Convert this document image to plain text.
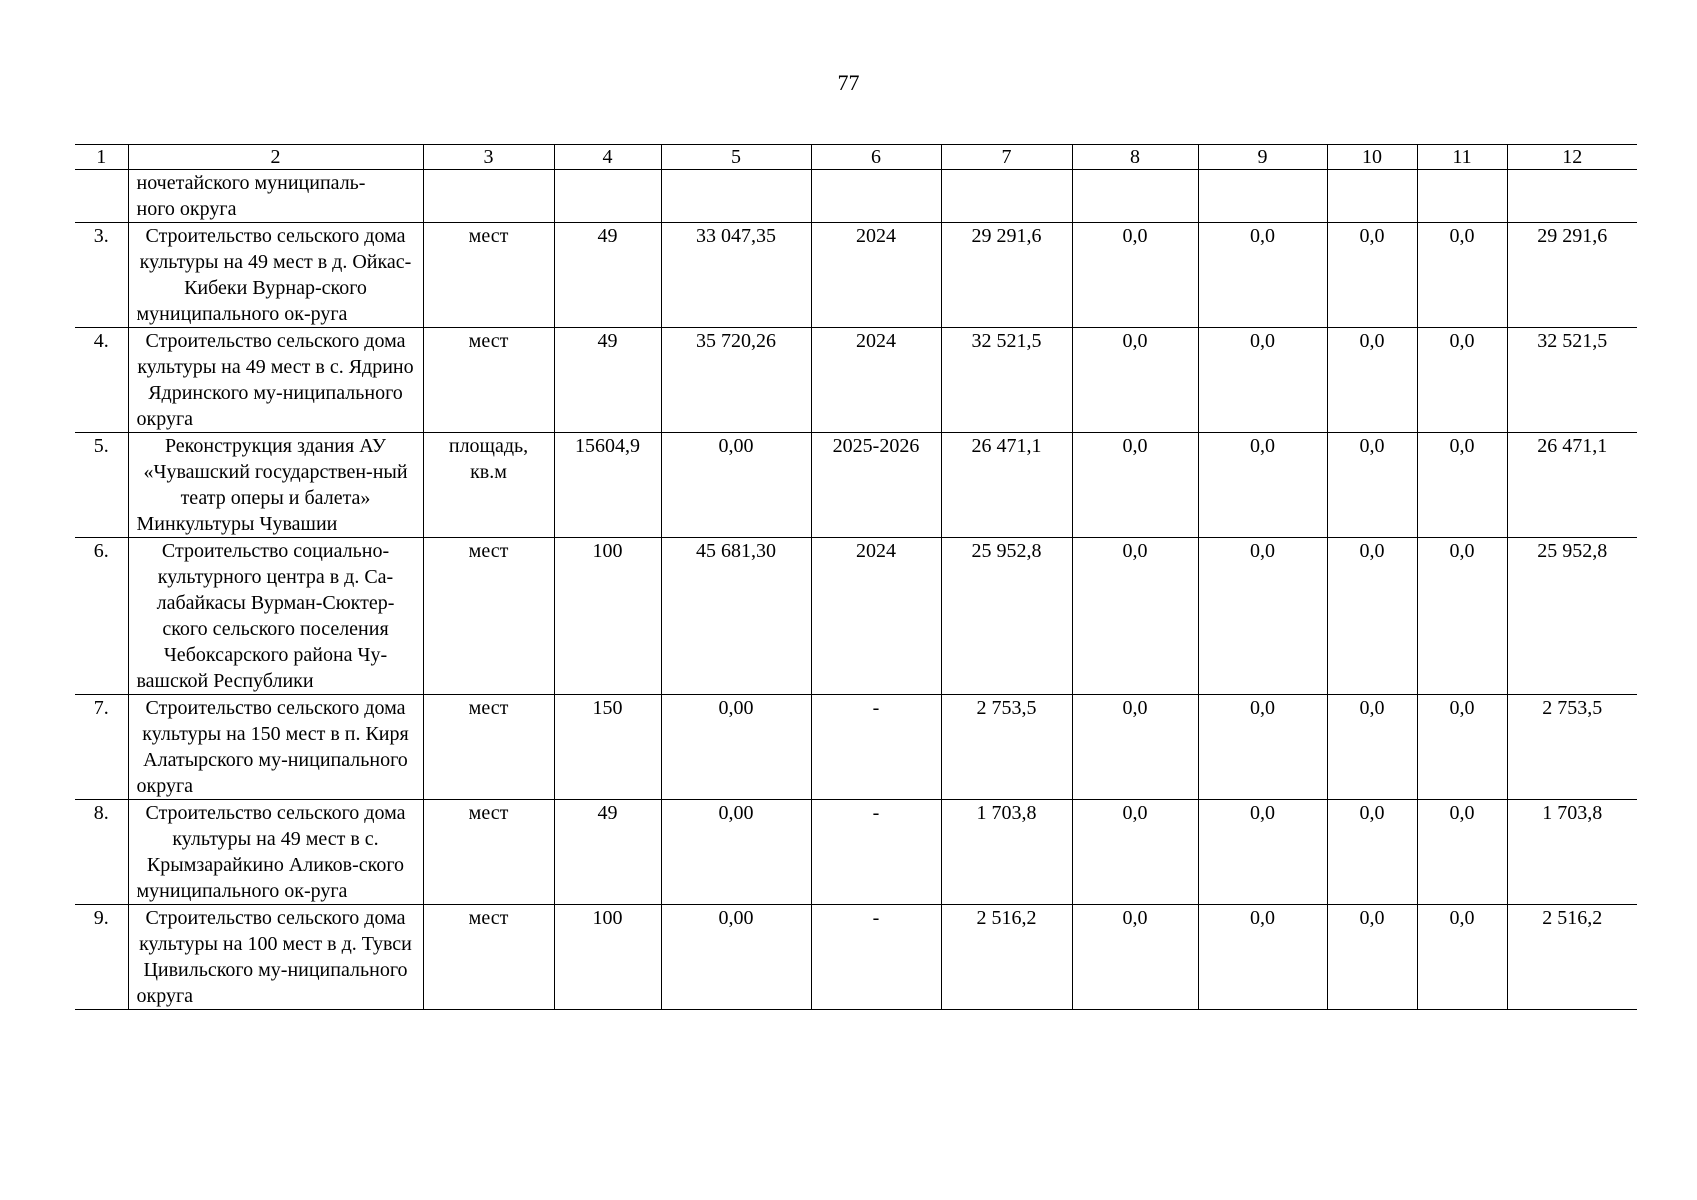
77
1	2	3	4	5	6	7	8	9	10	11	12
	ночетайского муниципаль-
ного округа										
3.	Строительство сельского дома культуры на 49 мест в д. Ойкас-Кибеки Вурнар-ского муниципального ок-руга	мест	49	33 047,35	2024	29 291,6	0,0	0,0	0,0	0,0	29 291,6
4.	Строительство сельского дома культуры на 49 мест в с. Ядрино Ядринского му-ниципального округа	мест	49	35 720,26	2024	32 521,5	0,0	0,0	0,0	0,0	32 521,5
5.	Реконструкция здания АУ «Чувашский государствен-ный театр оперы и балета» Минкультуры Чувашии	площадь, кв.м	15604,9	0,00	2025-2026	26 471,1	0,0	0,0	0,0	0,0	26 471,1
6.	Строительство социально-культурного центра в д. Са-лабайкасы Вурман-Сюктер-ского сельского поселения Чебоксарского района Чу-вашской Республики	мест	100	45 681,30	2024	25 952,8	0,0	0,0	0,0	0,0	25 952,8
7.	Строительство сельского дома культуры на 150 мест в п. Киря Алатырского му-ниципального округа	мест	150	0,00	-	2 753,5	0,0	0,0	0,0	0,0	2 753,5
8.	Строительство сельского дома культуры на 49 мест в с. Крымзарайкино Аликов-ского муниципального ок-руга	мест	49	0,00	-	1 703,8	0,0	0,0	0,0	0,0	1 703,8
9.	Строительство сельского дома культуры на 100 мест в д. Тувси Цивильского му-ниципального округа	мест	100	0,00	-	2 516,2	0,0	0,0	0,0	0,0	2 516,2
